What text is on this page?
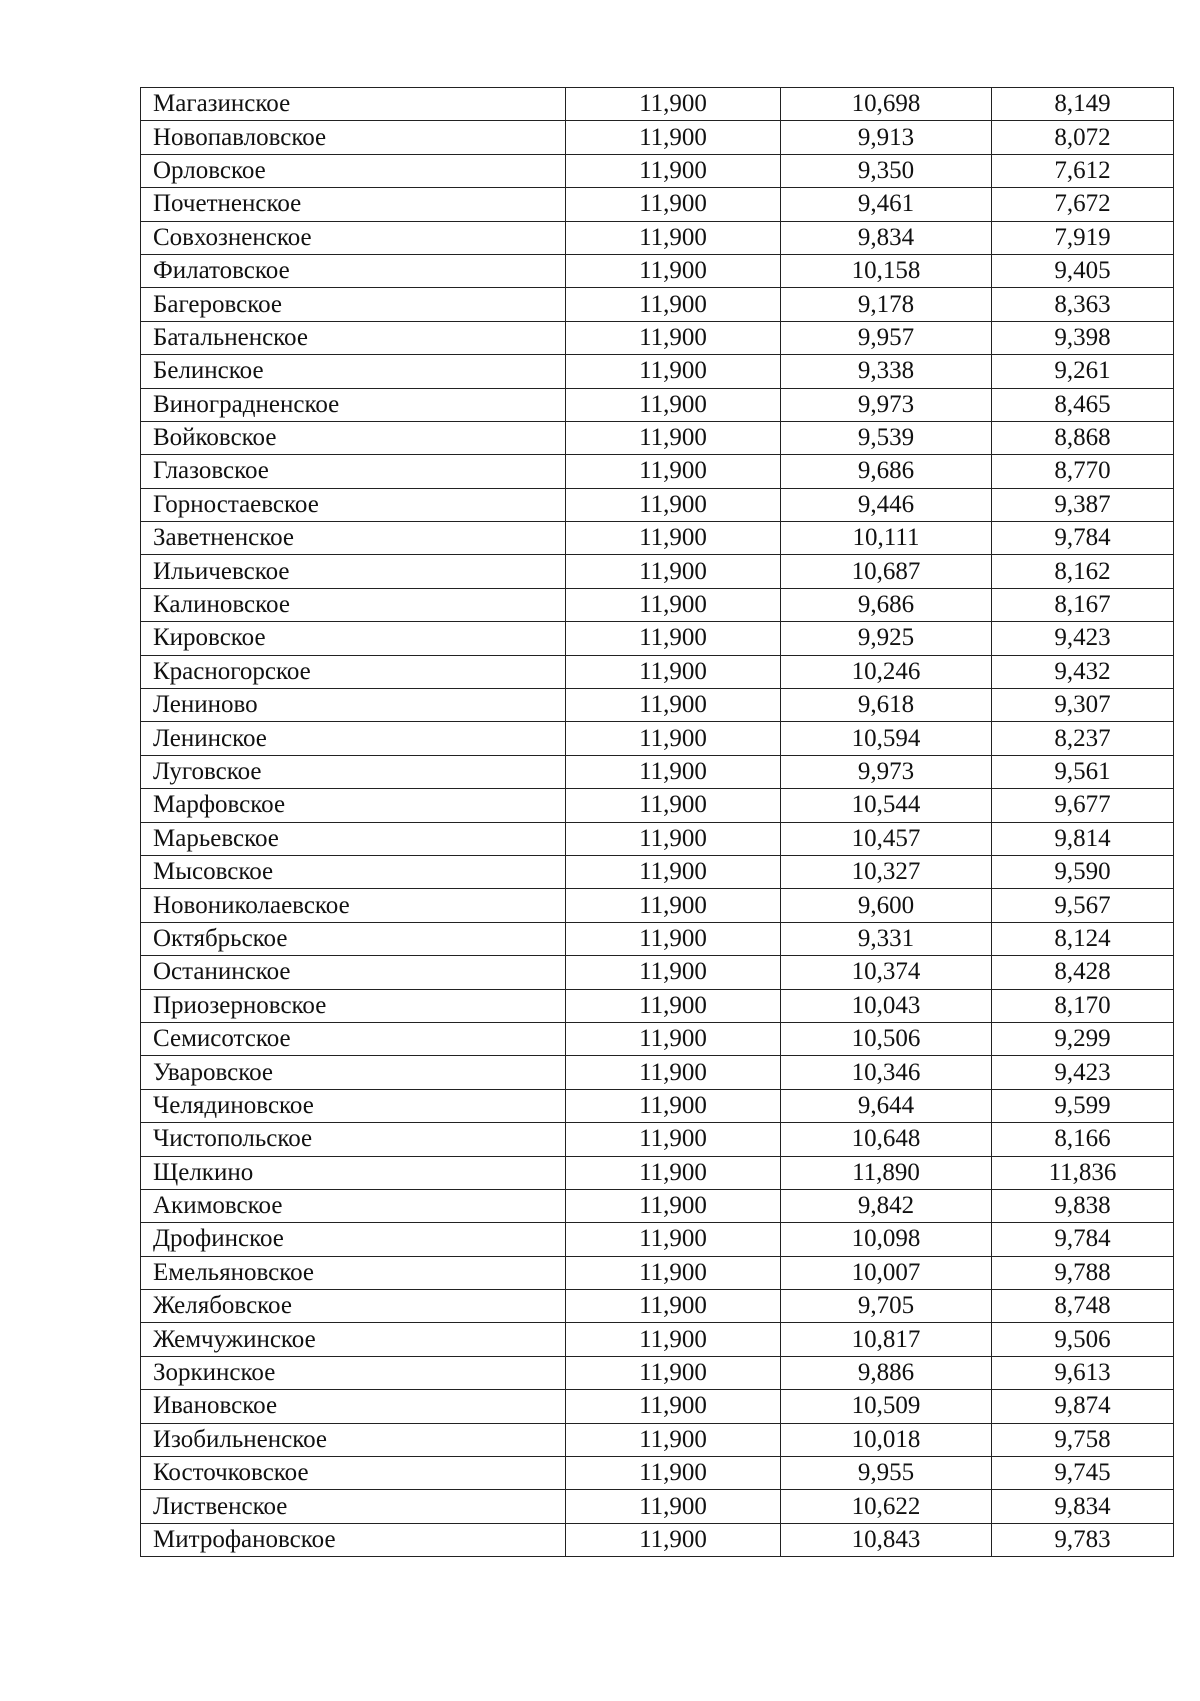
Магазинское	11,900	10,698	8,149
Новопавловское	11,900	9,913	8,072
Орловское	11,900	9,350	7,612
Почетненское	11,900	9,461	7,672
Совхозненское	11,900	9,834	7,919
Филатовское	11,900	10,158	9,405
Багеровское	11,900	9,178	8,363
Батальненское	11,900	9,957	9,398
Белинское	11,900	9,338	9,261
Виноградненское	11,900	9,973	8,465
Войковское	11,900	9,539	8,868
Глазовское	11,900	9,686	8,770
Горностаевское	11,900	9,446	9,387
Заветненское	11,900	10,111	9,784
Ильичевское	11,900	10,687	8,162
Калиновское	11,900	9,686	8,167
Кировское	11,900	9,925	9,423
Красногорское	11,900	10,246	9,432
Лениново	11,900	9,618	9,307
Ленинское	11,900	10,594	8,237
Луговское	11,900	9,973	9,561
Марфовское	11,900	10,544	9,677
Марьевское	11,900	10,457	9,814
Мысовское	11,900	10,327	9,590
Новониколаевское	11,900	9,600	9,567
Октябрьское	11,900	9,331	8,124
Останинское	11,900	10,374	8,428
Приозерновское	11,900	10,043	8,170
Семисотское	11,900	10,506	9,299
Уваровское	11,900	10,346	9,423
Челядиновское	11,900	9,644	9,599
Чистопольское	11,900	10,648	8,166
Щелкино	11,900	11,890	11,836
Акимовское	11,900	9,842	9,838
Дрофинское	11,900	10,098	9,784
Емельяновское	11,900	10,007	9,788
Желябовское	11,900	9,705	8,748
Жемчужинское	11,900	10,817	9,506
Зоркинское	11,900	9,886	9,613
Ивановское	11,900	10,509	9,874
Изобильненское	11,900	10,018	9,758
Косточковское	11,900	9,955	9,745
Лиственское	11,900	10,622	9,834
Митрофановское	11,900	10,843	9,783
